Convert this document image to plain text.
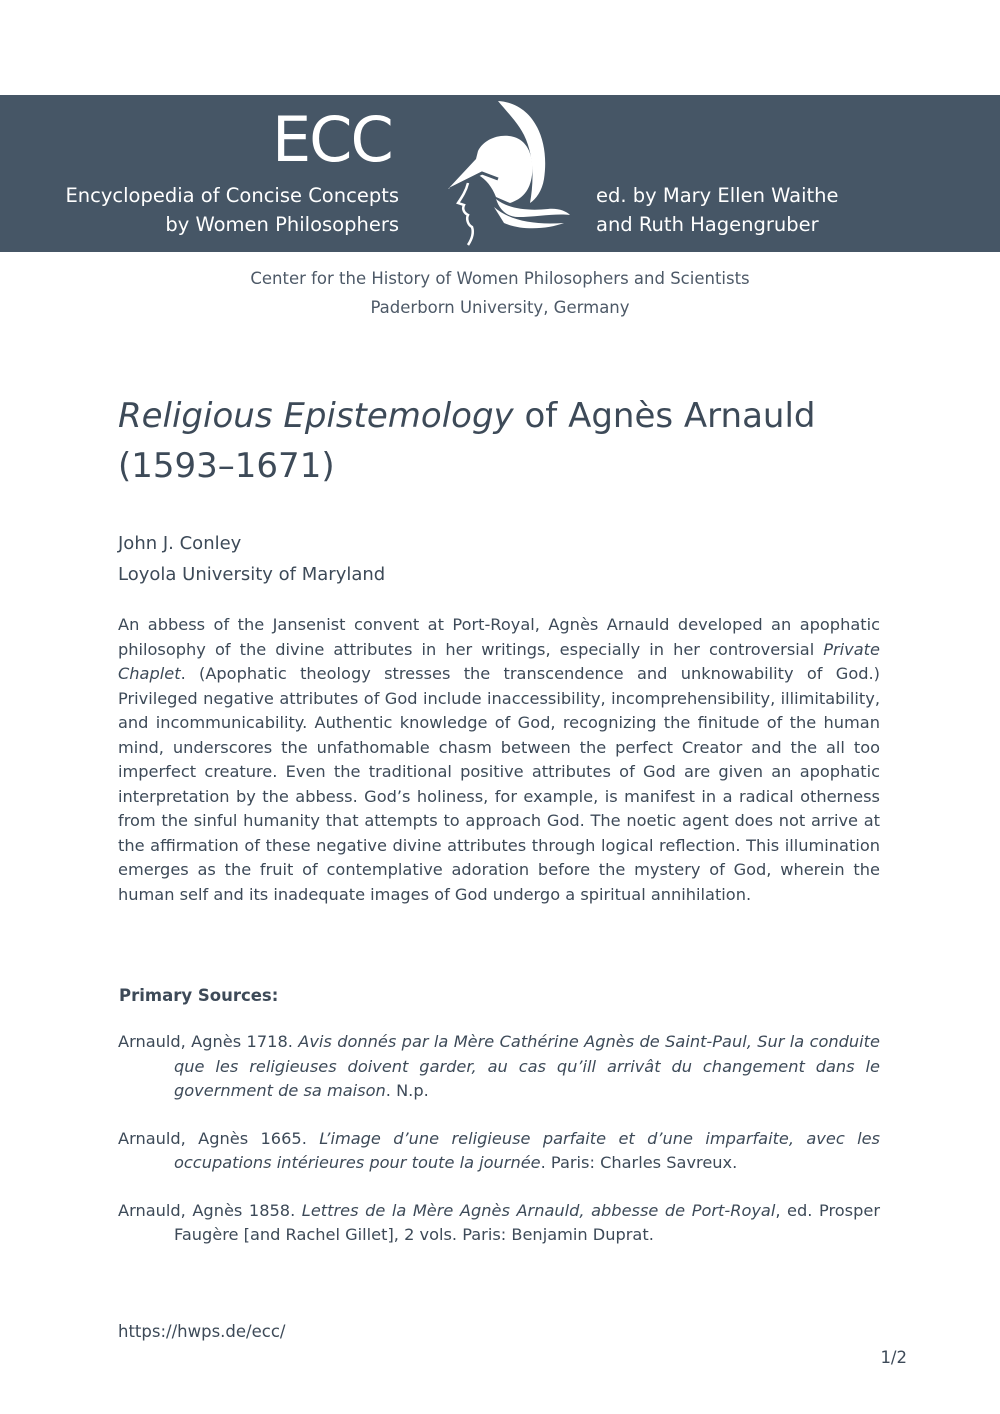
ECC
Encyclopedia of Concise Concepts
by Women Philosophers
ed. by Mary Ellen Waithe
and Ruth Hagengruber
Center for the History of Women Philosophers and Scientists
Paderborn University, Germany
Religious Epistemology of Agnès Arnauld
(1593–1671)
John J. Conley
Loyola University of Maryland
An abbess of the Jansenist convent at Port-Royal, Agnès Arnauld developed an apophatic philosophy of the divine attributes in her writings, especially in her controversial Private Chaplet. (Apophatic theology stresses the transcendence and unknowability of God.) Privileged negative attributes of God include inaccessibility, incomprehensibility, illimitability, and incommunicability. Authentic knowledge of God, recognizing the finitude of the human mind, underscores the unfathomable chasm between the perfect Creator and the all too imperfect creature. Even the traditional positive attributes of God are given an apophatic interpretation by the abbess. God’s holiness, for example, is manifest in a radical otherness from the sinful humanity that attempts to approach God. The noetic agent does not arrive at the affirmation of these negative divine attributes through logical reflection. This illumination emerges as the fruit of contemplative adoration before the mystery of God, wherein the human self and its inadequate images of God undergo a spiritual annihilation.
Primary Sources:
Arnauld, Agnès 1718. Avis donnés par la Mère Cathérine Agnès de Saint-Paul, Sur la conduite que les religieuses doivent garder, au cas qu’ill arrivât du changement dans le government de sa maison. N.p.
Arnauld, Agnès 1665. L’image d’une religieuse parfaite et d’une imparfaite, avec les occupations intérieures pour toute la journée. Paris: Charles Savreux.
Arnauld, Agnès 1858. Lettres de la Mère Agnès Arnauld, abbesse de Port-Royal, ed. Prosper Faugère [and Rachel Gillet], 2 vols. Paris: Benjamin Duprat.
https://hwps.de/ecc/
1/2
